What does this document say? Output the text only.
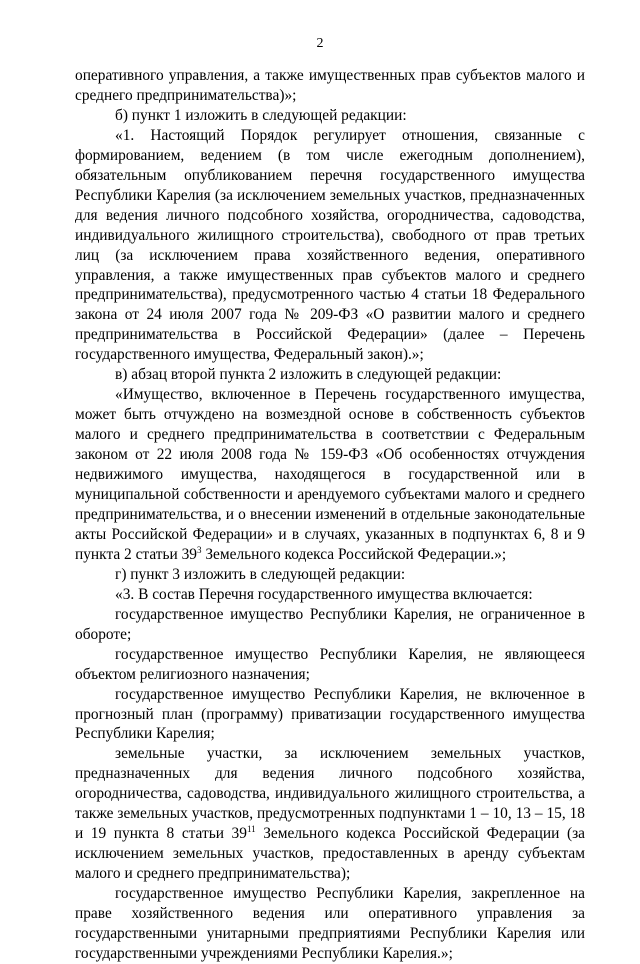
2

оперативного управления, а также имущественных прав субъектов малого и среднего предпринимательства)»;

б) пункт 1 изложить в следующей редакции:

«1. Настоящий Порядок регулирует отношения, связанные с формированием, ведением (в том числе ежегодным дополнением), обязательным опубликованием перечня государственного имущества Республики Карелия (за исключением земельных участков, предназначенных для ведения личного подсобного хозяйства, огородничества, садоводства, индивидуального жилищного строительства), свободного от прав третьих лиц (за исключением права хозяйственного ведения, оперативного управления, а также имущественных прав субъектов малого и среднего предпринимательства), предусмотренного частью 4 статьи 18 Федерального закона от 24 июля 2007 года № 209-ФЗ «О развитии малого и среднего предпринимательства в Российской Федерации» (далее – Перечень государственного имущества, Федеральный закон).»;

в) абзац второй пункта 2 изложить в следующей редакции:

«Имущество, включенное в Перечень государственного имущества, может быть отчуждено на возмездной основе в собственность субъектов малого и среднего предпринимательства в соответствии с Федеральным законом от 22 июля 2008 года № 159-ФЗ «Об особенностях отчуждения недвижимого имущества, находящегося в государственной или в муниципальной собственности и арендуемого субъектами малого и среднего предпринимательства, и о внесении изменений в отдельные законодательные акты Российской Федерации» и в случаях, указанных в подпунктах 6, 8 и 9 пункта 2 статьи $39^3$ Земельного кодекса Российской Федерации.»;

г) пункт 3 изложить в следующей редакции:

«3. В состав Перечня государственного имущества включается:

государственное имущество Республики Карелия, не ограниченное в обороте;

государственное имущество Республики Карелия, не являющееся объектом религиозного назначения;

государственное имущество Республики Карелия, не включенное в прогнозный план (программу) приватизации государственного имущества Республики Карелия;

земельные участки, за исключением земельных участков, предназначенных для ведения личного подсобного хозяйства, огородничества, садоводства, индивидуального жилищного строительства, а также земельных участков, предусмотренных подпунктами 1 – 10, 13 – 15, 18 и 19 пункта 8 статьи $39^{11}$ Земельного кодекса Российской Федерации (за исключением земельных участков, предоставленных в аренду субъектам малого и среднего предпринимательства);

государственное имущество Республики Карелия, закрепленное на праве хозяйственного ведения или оперативного управления за государственными унитарными предприятиями Республики Карелия или государственными учреждениями Республики Карелия.»;
